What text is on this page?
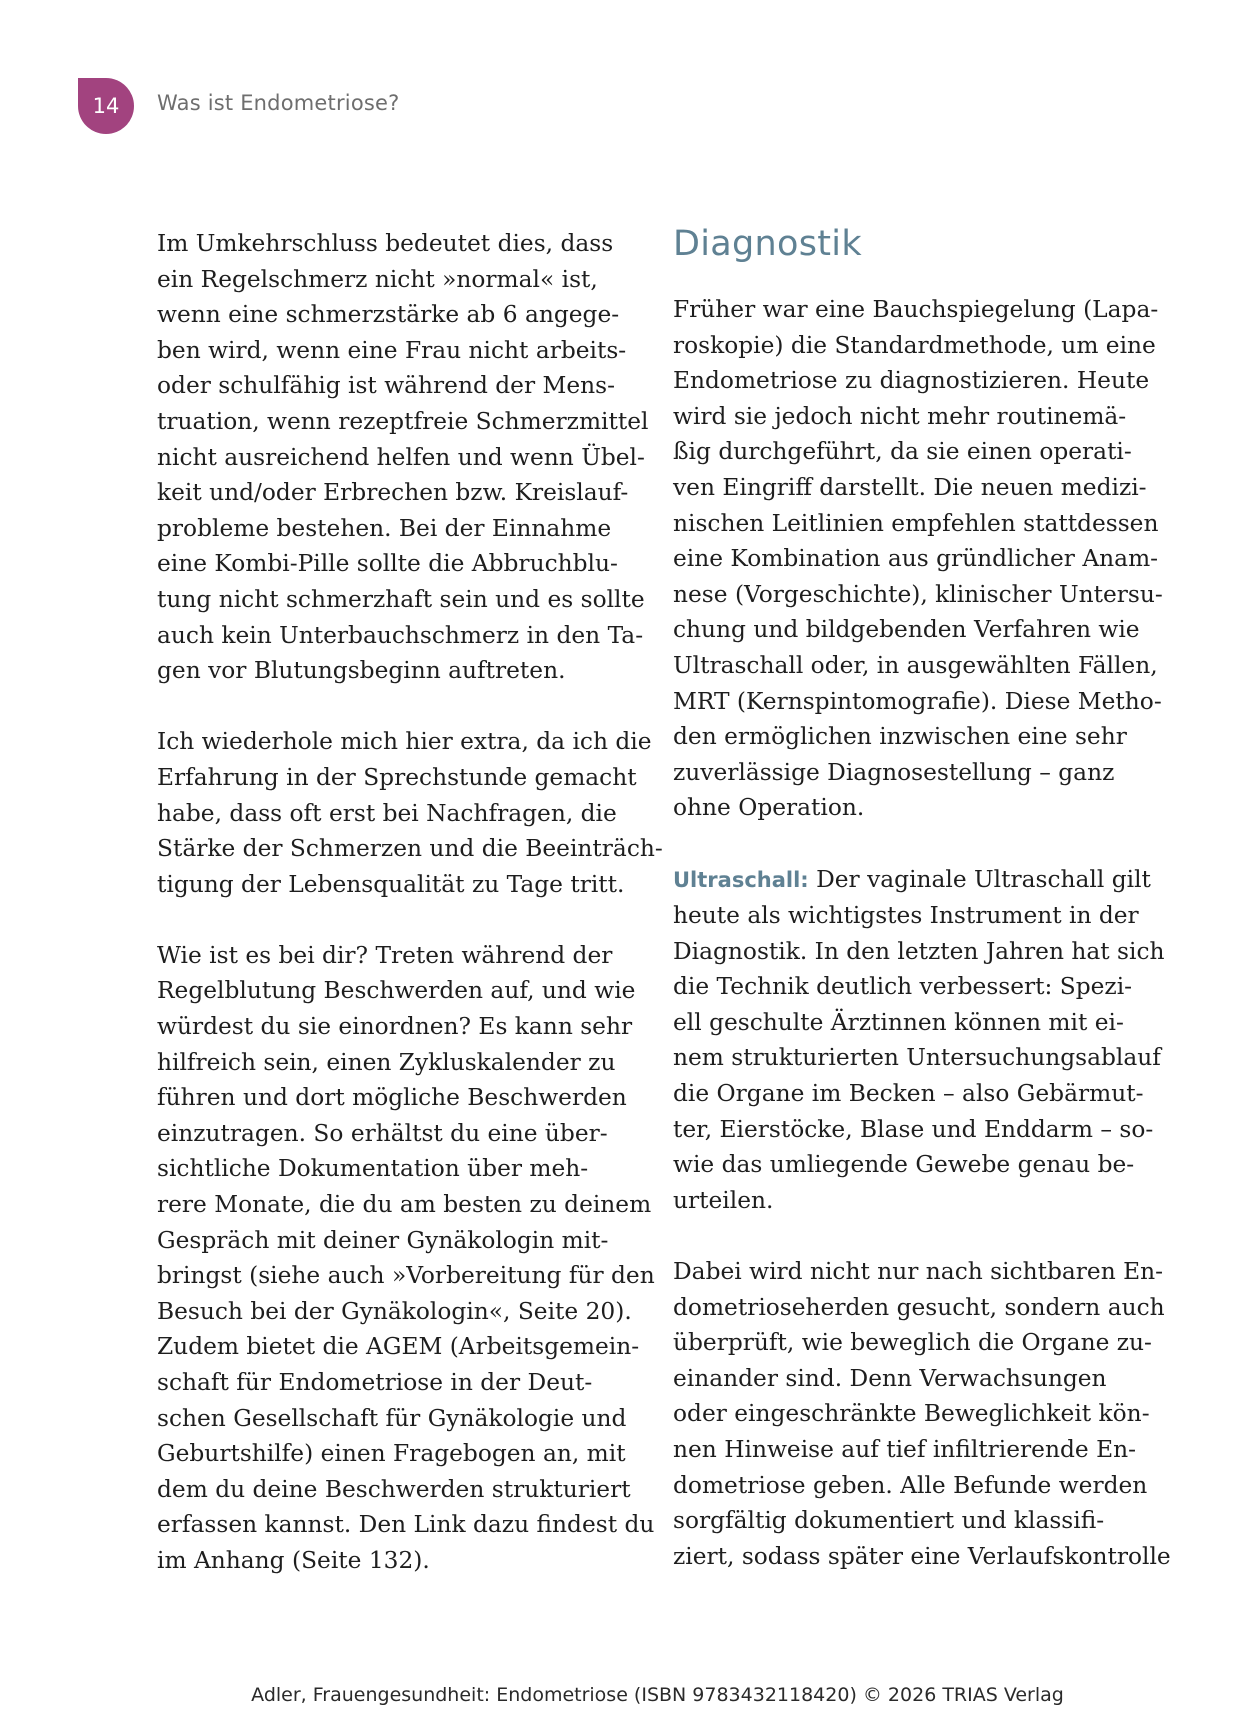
14 Was ist Endometriose?
Im Umkehrschluss bedeutet dies, dass
ein Regelschmerz nicht »normal« ist,
wenn eine schmerzstärke ab 6 angege-
ben wird, wenn eine Frau nicht arbeits-
oder schulfähig ist während der Mens-
truation, wenn rezeptfreie Schmerzmittel
nicht ausreichend helfen und wenn Übel-
keit und/oder Erbrechen bzw. Kreislauf-
probleme bestehen. Bei der Einnahme
eine Kombi-Pille sollte die Abbruchblu-
tung nicht schmerzhaft sein und es sollte
auch kein Unterbauchschmerz in den Ta-
gen vor Blutungsbeginn auftreten.
Ich wiederhole mich hier extra, da ich die
Erfahrung in der Sprechstunde gemacht
habe, dass oft erst bei Nachfragen, die
Stärke der Schmerzen und die Beeinträch-
tigung der Lebensqualität zu Tage tritt.
Wie ist es bei dir? Treten während der
Regelblutung Beschwerden auf, und wie
würdest du sie einordnen? Es kann sehr
hilfreich sein, einen Zykluskalender zu
führen und dort mögliche Beschwerden
einzutragen. So erhältst du eine über-
sichtliche Dokumentation über meh-
rere Monate, die du am besten zu deinem
Gespräch mit deiner Gynäkologin mit-
bringst (siehe auch »Vorbereitung für den
Besuch bei der Gynäkologin«, Seite 20).
Zudem bietet die AGEM (Arbeitsgemein-
schaft für Endometriose in der Deut-
schen Gesellschaft für Gynäkologie und
Geburtshilfe) einen Fragebogen an, mit
dem du deine Beschwerden strukturiert
erfassen kannst. Den Link dazu findest du
im Anhang (Seite 132).
Diagnostik
Früher war eine Bauchspiegelung (Lapa-
roskopie) die Standardmethode, um eine
Endometriose zu diagnostizieren. Heute
wird sie jedoch nicht mehr routinemä-
ßig durchgeführt, da sie einen operati-
ven Eingriff darstellt. Die neuen medizi-
nischen Leitlinien empfehlen stattdessen
eine Kombination aus gründlicher Anam-
nese (Vorgeschichte), klinischer Untersu-
chung und bildgebenden Verfahren wie
Ultraschall oder, in ausgewählten Fällen,
MRT (Kernspintomografie). Diese Metho-
den ermöglichen inzwischen eine sehr
zuverlässige Diagnosestellung – ganz
ohne Operation.
Ultraschall: Der vaginale Ultraschall gilt
heute als wichtigstes Instrument in der
Diagnostik. In den letzten Jahren hat sich
die Technik deutlich verbessert: Spezi-
ell geschulte Ärztinnen können mit ei-
nem strukturierten Untersuchungsablauf
die Organe im Becken – also Gebärmut-
ter, Eierstöcke, Blase und Enddarm – so-
wie das umliegende Gewebe genau be-
urteilen.
Dabei wird nicht nur nach sichtbaren En-
dometrioseherden gesucht, sondern auch
überprüft, wie beweglich die Organe zu-
einander sind. Denn Verwachsungen
oder eingeschränkte Beweglichkeit kön-
nen Hinweise auf tief infiltrierende En-
dometriose geben. Alle Befunde werden
sorgfältig dokumentiert und klassifi-
ziert, sodass später eine Verlaufskontrolle
Adler, Frauengesundheit: Endometriose (ISBN 9783432118420) © 2026 TRIAS Verlag
